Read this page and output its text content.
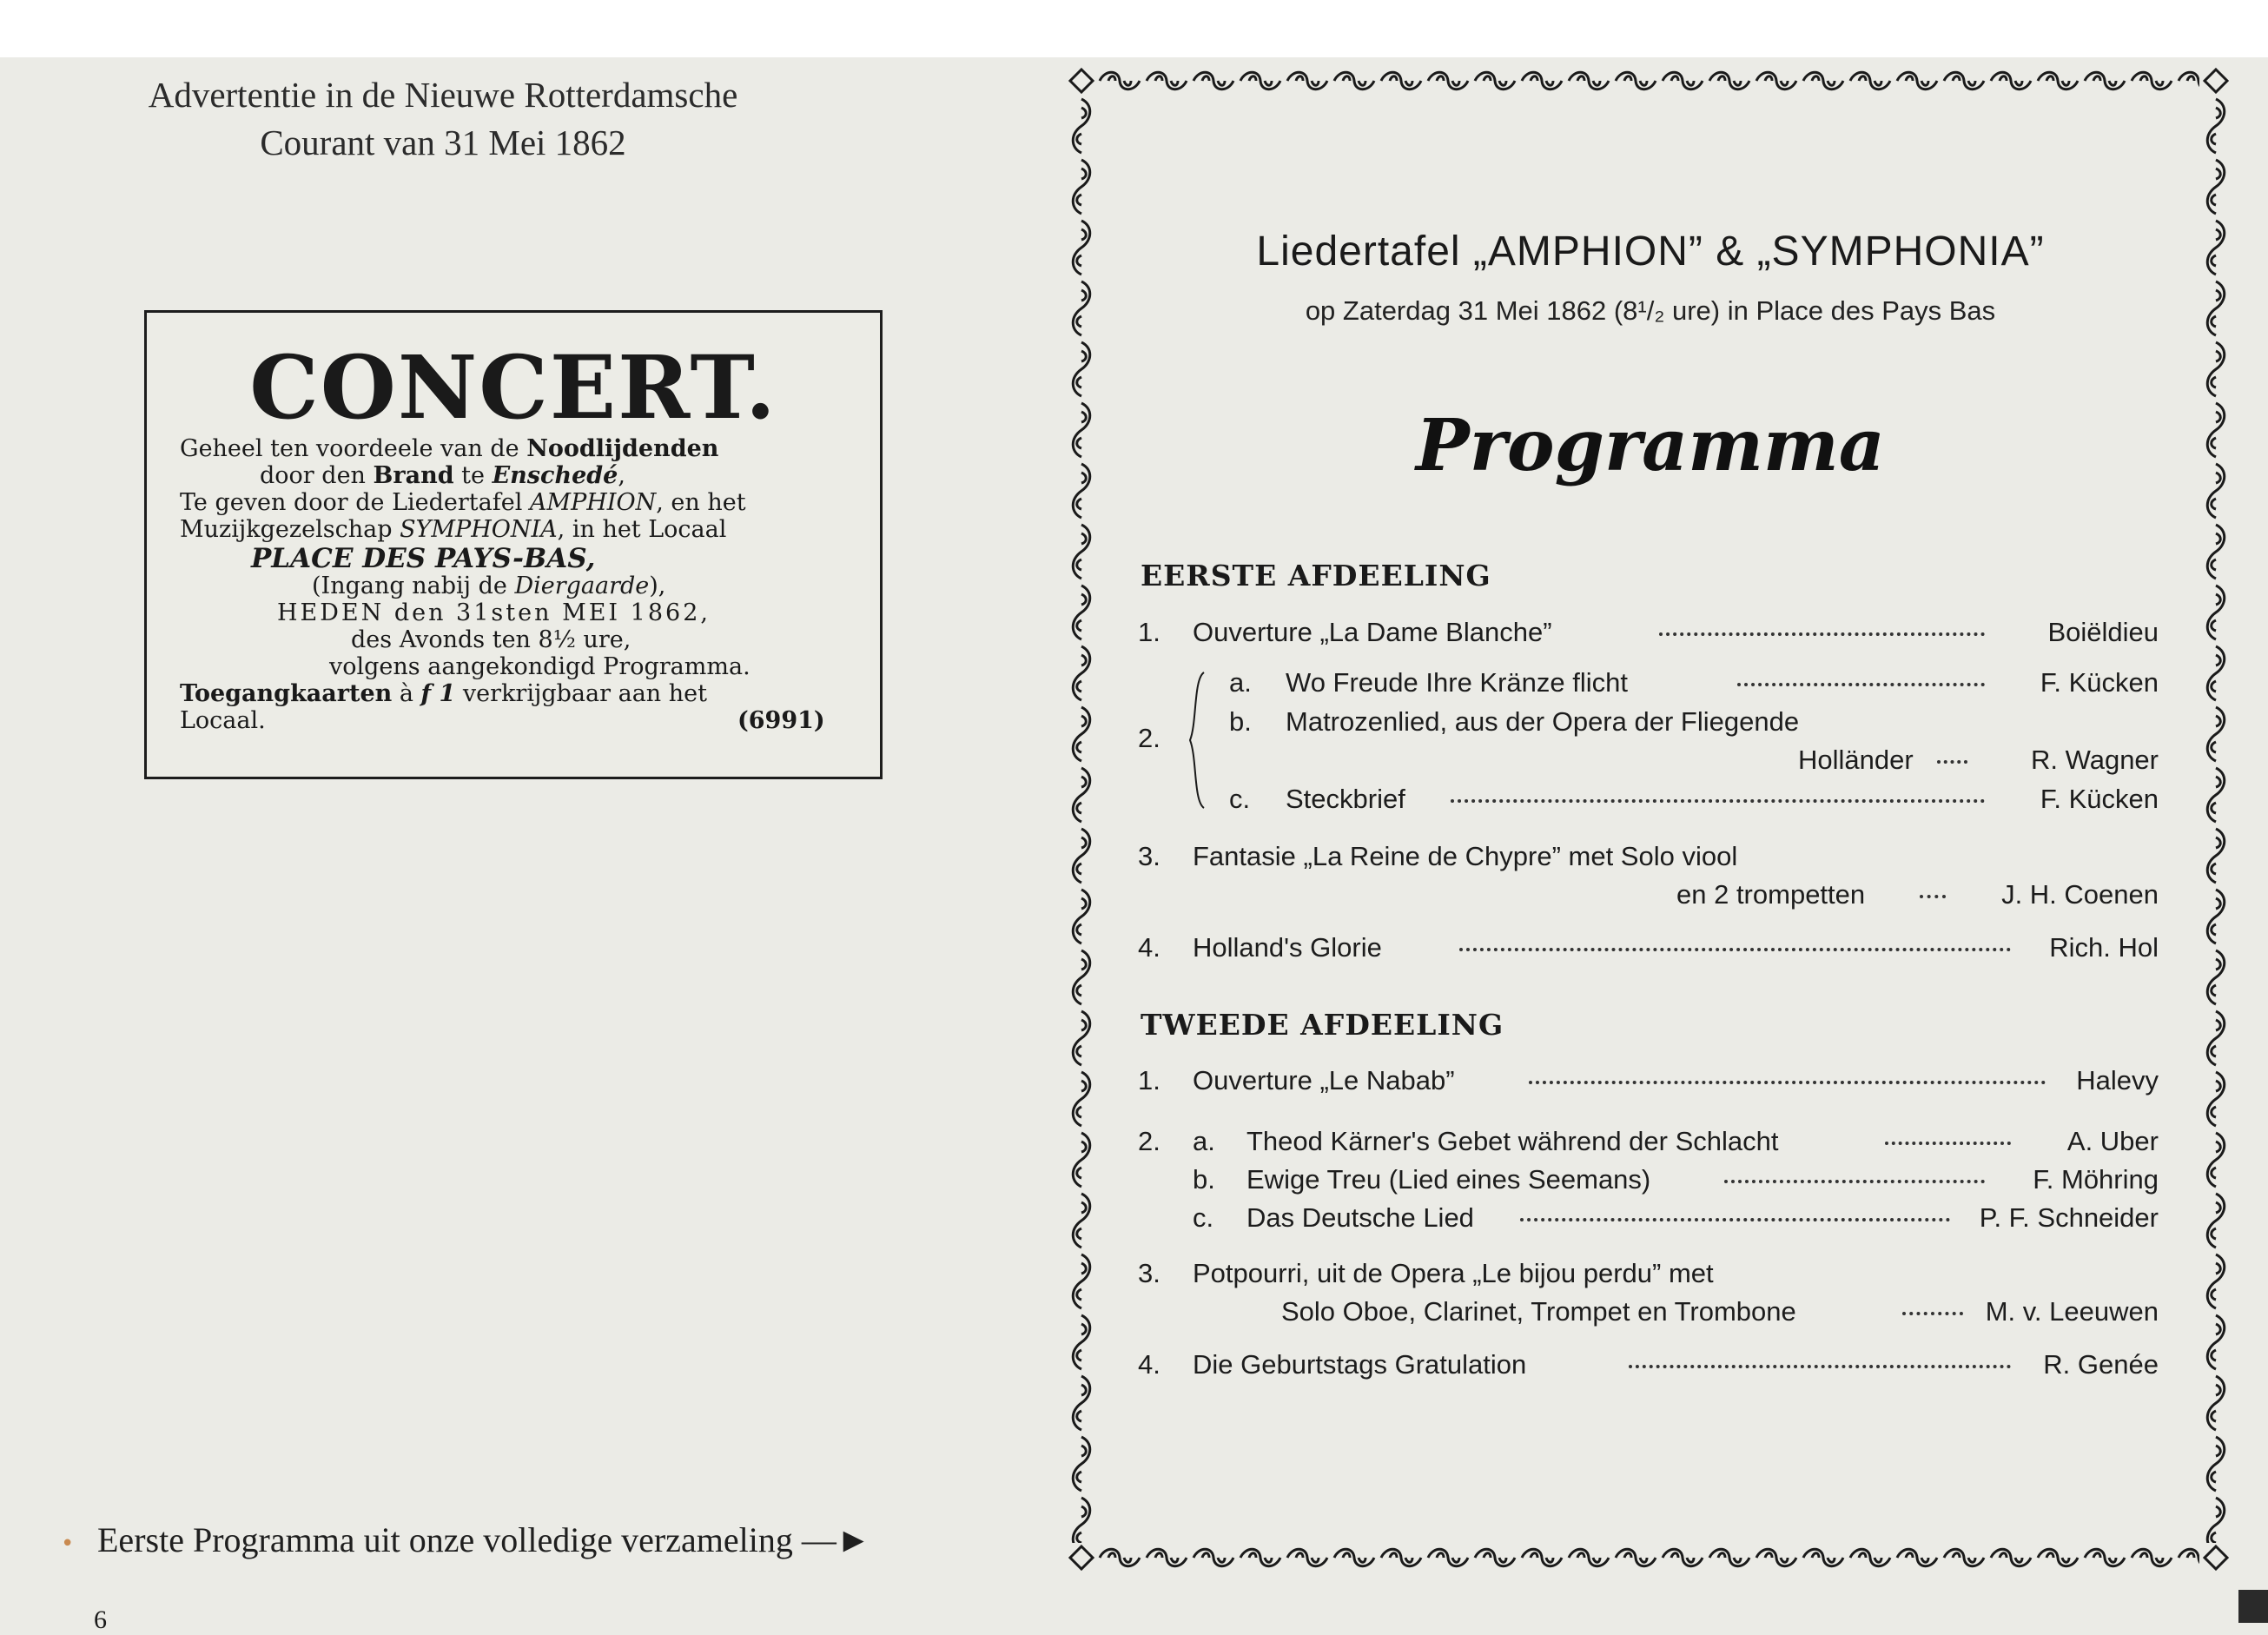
Advertentie in de Nieuwe Rotterdamsche
Courant van 31 Mei 1862
CONCERT.
Geheel ten voordeele van de Noodlijdenden
door den Brand te Enschedé,
Te geven door de Liedertafel AMPHION, en het
Muzijkgezelschap SYMPHONIA, in het Locaal
PLACE DES PAYS-BAS,
(Ingang nabij de Diergaarde),
HEDEN den 31sten MEI 1862,
des Avonds ten 8½ ure,
volgens aangekondigd Programma.
Toegangkaarten à f 1 verkrijgbaar aan het
Locaal.	(6991)
Eerste Programma uit onze volledige verzameling —►
6
Liedertafel „AMPHION” & „SYMPHONIA”
op Zaterdag 31 Mei 1862 (8¹/₂ ure) in Place des Pays Bas
Programma
EERSTE AFDEELING
1. Ouverture „La Dame Blanche”	Boiëldieu
2.
a. Wo Freude Ihre Kränze flicht	F. Kücken
b. Matrozenlied, aus der Opera der Fliegende
Holländer	R. Wagner
c. Steckbrief	F. Kücken
3. Fantasie „La Reine de Chypre” met Solo viool
en 2 trompetten	J. H. Coenen
4. Holland's Glorie	Rich. Hol
TWEEDE AFDEELING
1. Ouverture „Le Nabab”	Halevy
2. a. Theod Kärner's Gebet während der Schlacht	A. Uber
b. Ewige Treu (Lied eines Seemans)	F. Möhring
c. Das Deutsche Lied	P. F. Schneider
3. Potpourri, uit de Opera „Le bijou perdu” met
Solo Oboe, Clarinet, Trompet en Trombone	M. v. Leeuwen
4. Die Geburtstags Gratulation	R. Genée
